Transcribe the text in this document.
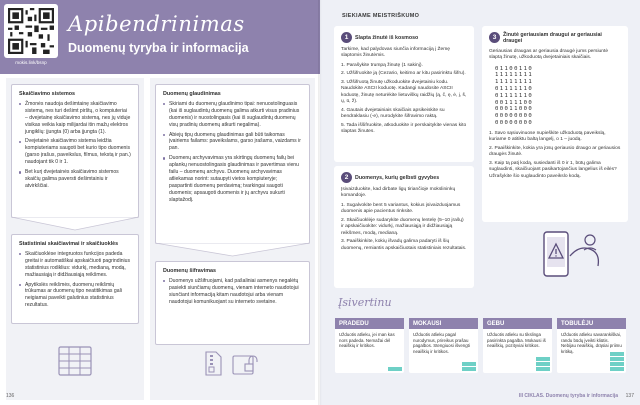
mokis.link/bsnp
Apibendrinimas
Duomenų tyryba ir informacija
Skaičiavimo sistemos
Žmonės naudoja dešimtainę skaičiavimo sistemą, nes turi dešimt pirštų, o kompiuteriai – dvejetainę skaičiavimo sistemą, nes jų viduje visikas veikia kaip milijardai itin mažų elektros jungiklių: įjungta (0) arba įjungta (1).
Dvejetainė skaičiavimo sistema leidžia kompiuteriams saugoti bet kurio tipo duomenis (garso įrašus, paveikslus, filmus, tekstą ir pan.) naudojant tik 0 ir 1.
Bet kurį dvejetainės skaičiavimo sistemos skaičių galima paversti dešimtainiu ir atvirkščiai.
Statistiniai skaičiavimai ir skaičiuoklės
Skaičiuoklėse integruotos funkcijos padeda greitai ir automatiškai apskaičiuoti pagrindinius statistinius rodiklius: vidurkį, medianą, modą, mažiausiąją ir didžiausiąją reikšmes.
Apytikslės reikšmės, duomenų reikšmių trūkumas ar duomenų tipo neatitikimas gali neigiamai paveikti galutinius statistinius rezultatus.
Duomenų glaudinimas
Skiriami du duomenų glaudinimo tipai: nenuostolinguasis (kai iš suglaudintų duomenų galima atkurti visus pradinius duomenis) ir nuostolingasis (kai iš suglaudintų duomenų visų pradinių duomenų atkurti negalima).
Abiejų tipų duomenų glaudinimas gali būti taikomas įvairiems failams: paveikslams, garso įrašams, vaizdams ir pan.
Duomenų archyvavimas yra skirtingų duomenų failų bei aplankų nenuostolingasis glaudinimas ir pavertimas vienu failu – duomenų archyvu. Duomenų archyvavimas atliekamas norint: sutaupyti vietos kompiuteryje; paspartinti duomenų perdavimą; tvarkingai saugoti duomenis; apsaugoti duomenis ir jų archyvu sukurti slaptažodį.
Duomenų šifravimas
Duomenys užšifruojami, kad pašaliniai asmenys negalėtų pasiekti siunčiamų duomenų, vienam interneto naudotojui siunčiant informaciją kitam naudotojui arba vienam naudotojui komunikuojant su interneto svetaine.
136
SIEKIAME MEISTRIŠKUMO
1 Slapta žinutė iš kosmoso
Tarkime, kad palydovas siunčia informaciją į Žemę slaptomis žinutėmis.
1. Parašykite trumpą žinutę (1 sakinį).
2. Užšifruokite ją (Cezario, keitimo ar kitu pasirinktu šifru).
3. Užšifruotą žinutę užkoduokite dvejetainiu kodu. Naudokite ASCII koduotę. Kadangi naudosite ASCII koduotę, žinutę neturėkite lietuviškų raidžių (ą, č, ę, ė, į, š, ų, ū, ž).
4. Gautais dvejetainiais skaičiais apsikeiskite su bendraklasiu (-e), nurodykite šifravimo raktą.
5. Tada iššifruokite, atkoduokite ir perskaitykite vienas kito slaptas žinutes.
2 Duomenys, kurių gelbsti gyvybes
Įsivaizduokite, kad dirbate ligų tiriančioje mokslininkų komandoje.
1. Sugalvokite bent 5 variantus, kokius įsivaizduojamus duomenis apie pacientus rinksite.
2. Skaičiuoklėje sudarykite duomenų lentelę (5–10 įrašų) ir apskaičiuokite: vidurkį, mažiausiąją ir didžiausiąją reikšmes, modą, medianą.
3. Paaiškinkite, kokių išvadų galima padaryti iš šių duomenų, remiantis apskaičiuotais statistiniais rezultatais.
3	Žinutė geriausiam draugui ar geriausiai draugei
Geriausias draugas ar geriausia draugė jums persiuntė slaptą žinutę, užkoduotą dvejetainiais skaičiais.
01100110
11111111
11111111
01111110
01111110
00111100
00011000
00000000
00000000
1. Savo sąsiuvinuose nupieškite užkoduotą paveikslą, kuriame 0 atitiktu baltą langelį, o 1 – juodą.
2. Paaiškinkite, kokia yra jūsų geriausio draugo ar geriausios draugės žinutė.
3. Kaip tą patį kodą, susiedanti iš 0 ir 1, būtų galima suglaudinti, skaičiuojant pasikartojančius langelius iš eilės? Užrašykite šio suglaudinto paveikslo kodą.
Įsivertinu
PRADEDU
Užduotis atlieku, jei man kas nors padeda. Nemažai dėl neaiškių ir kritikos.
MOKAUSI
Užduotis atlieku pagal nurodymus, prireikus prašau pagalbos. Stengiuosi išvengti neaiškių ir kritikos.
GEBU
Užduotis atlieku su tikslinga pasirinkta pagalba. Mokausi iš neaiškių, pozityviai kritikos.
TOBULĖJU
Užduotis atlieku savarankiškai, randu būdų įveikti kliūtis. Nebijau neaiškių, drąsiai priimu kritiką.
III CIKLAS. Duomenų tyryba ir informacija 137
